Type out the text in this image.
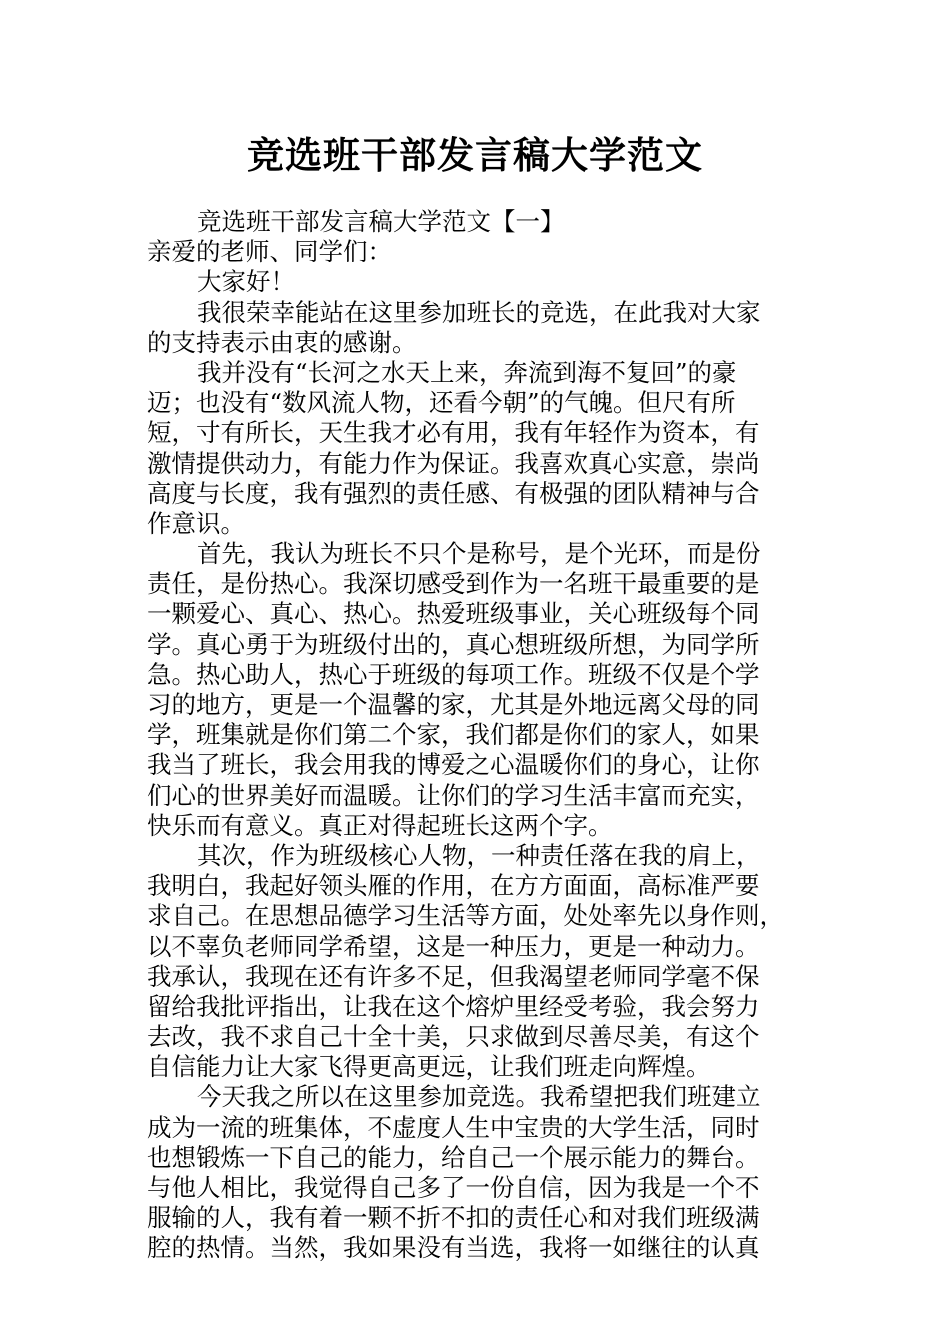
竞选班干部发言稿大学范文
竞选班干部发言稿大学范文【一】
亲爱的老师、同学们：
大家好！
我很荣幸能站在这里参加班长的竞选，在此我对大家
的支持表示由衷的感谢。
我并没有“长河之水天上来，奔流到海不复回”的豪
迈；也没有“数风流人物，还看今朝”的气魄。但尺有所
短，寸有所长，天生我才必有用，我有年轻作为资本，有
激情提供动力，有能力作为保证。我喜欢真心实意，崇尚
高度与长度，我有强烈的责任感、有极强的团队精神与合
作意识。
首先，我认为班长不只个是称号，是个光环，而是份
责任，是份热心。我深切感受到作为一名班干最重要的是
一颗爱心、真心、热心。热爱班级事业，关心班级每个同
学。真心勇于为班级付出的，真心想班级所想，为同学所
急。热心助人，热心于班级的每项工作。班级不仅是个学
习的地方，更是一个温馨的家，尤其是外地远离父母的同
学，班集就是你们第二个家，我们都是你们的家人，如果
我当了班长，我会用我的博爱之心温暖你们的身心，让你
们心的世界美好而温暖。让你们的学习生活丰富而充实，
快乐而有意义。真正对得起班长这两个字。
其次，作为班级核心人物，一种责任落在我的肩上，
我明白，我起好领头雁的作用，在方方面面，高标准严要
求自己。在思想品德学习生活等方面，处处率先以身作则，
以不辜负老师同学希望，这是一种压力，更是一种动力。
我承认，我现在还有许多不足，但我渴望老师同学毫不保
留给我批评指出，让我在这个熔炉里经受考验，我会努力
去改，我不求自己十全十美，只求做到尽善尽美，有这个
自信能力让大家飞得更高更远，让我们班走向辉煌。
今天我之所以在这里参加竞选。我希望把我们班建立
成为一流的班集体，不虚度人生中宝贵的大学生活，同时
也想锻炼一下自己的能力，给自己一个展示能力的舞台。
与他人相比，我觉得自己多了一份自信，因为我是一个不
服输的人，我有着一颗不折不扣的责任心和对我们班级满
腔的热情。当然，我如果没有当选，我将一如继往的认真
